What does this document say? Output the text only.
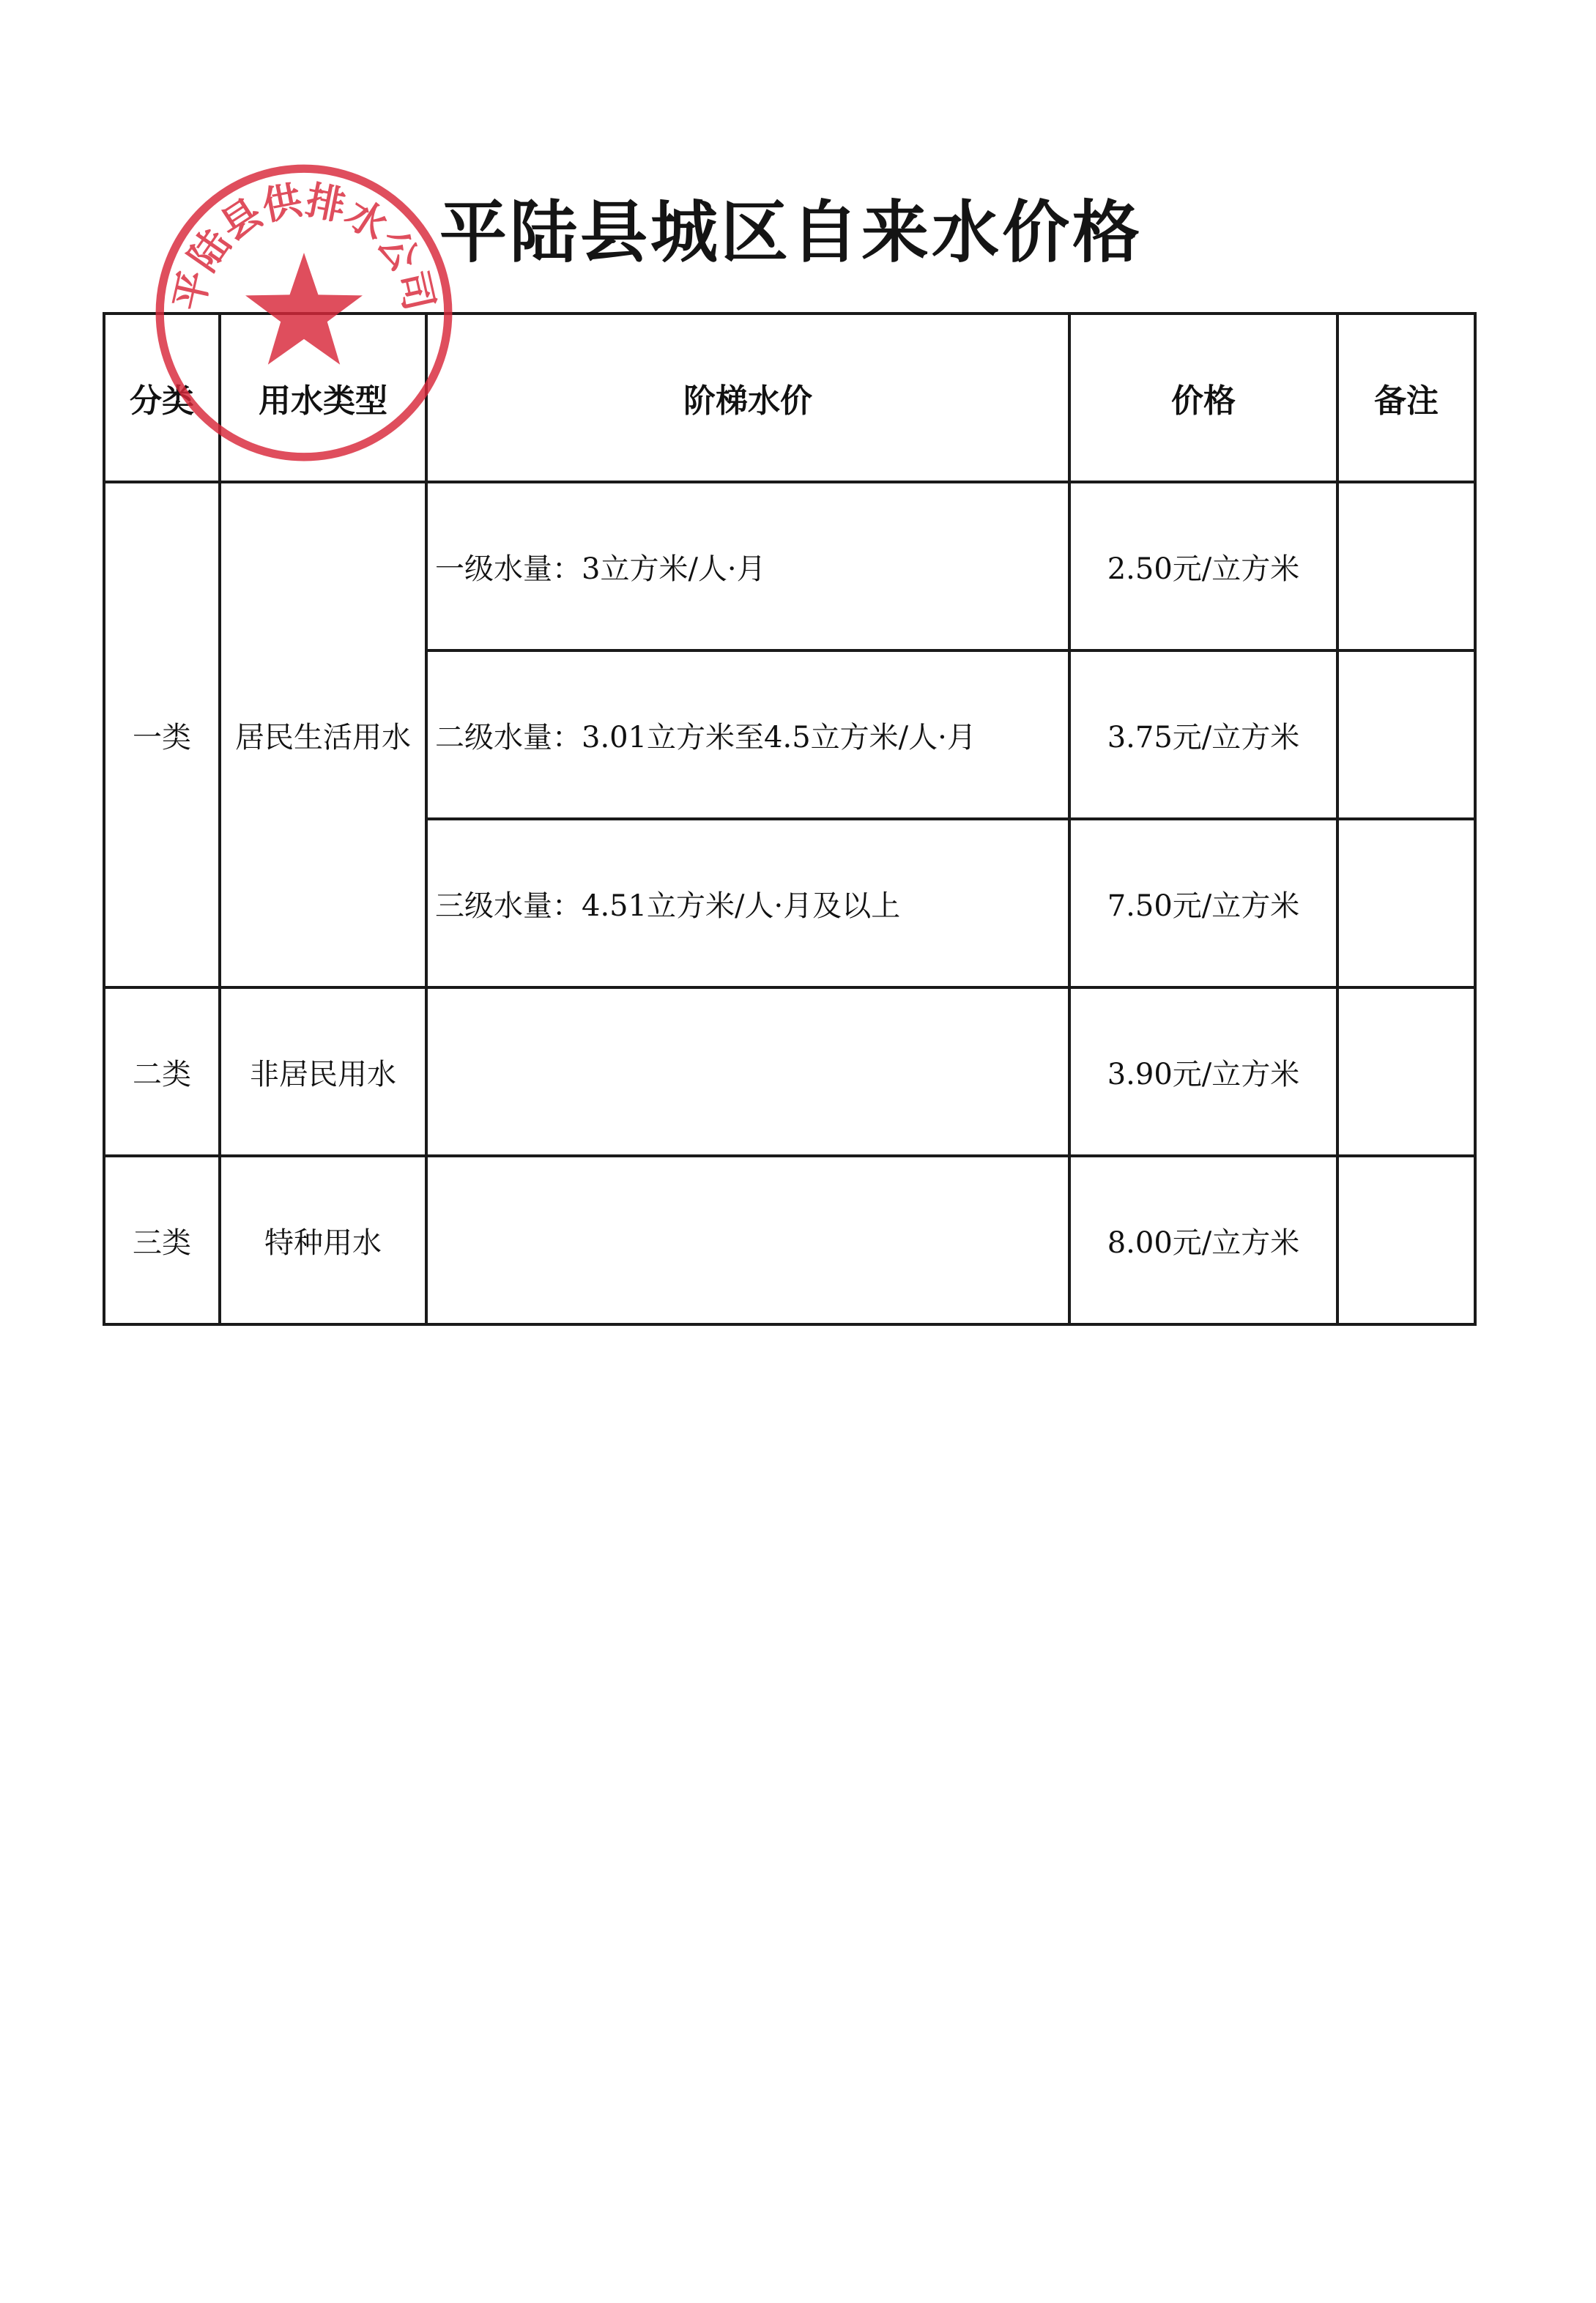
平陆县城区自来水价格
分类	用水类型	阶梯水价	价格	备注
一类	居民生活用水	一级水量：3立方米/人·月	2.50元/立方米	
		二级水量：3.01立方米至4.5立方米/人·月	3.75元/立方米	
		三级水量：4.51立方米/人·月及以上	7.50元/立方米	
二类	非居民用水		3.90元/立方米	
三类	特种用水		8.00元/立方米	
平陆县供排水公司
